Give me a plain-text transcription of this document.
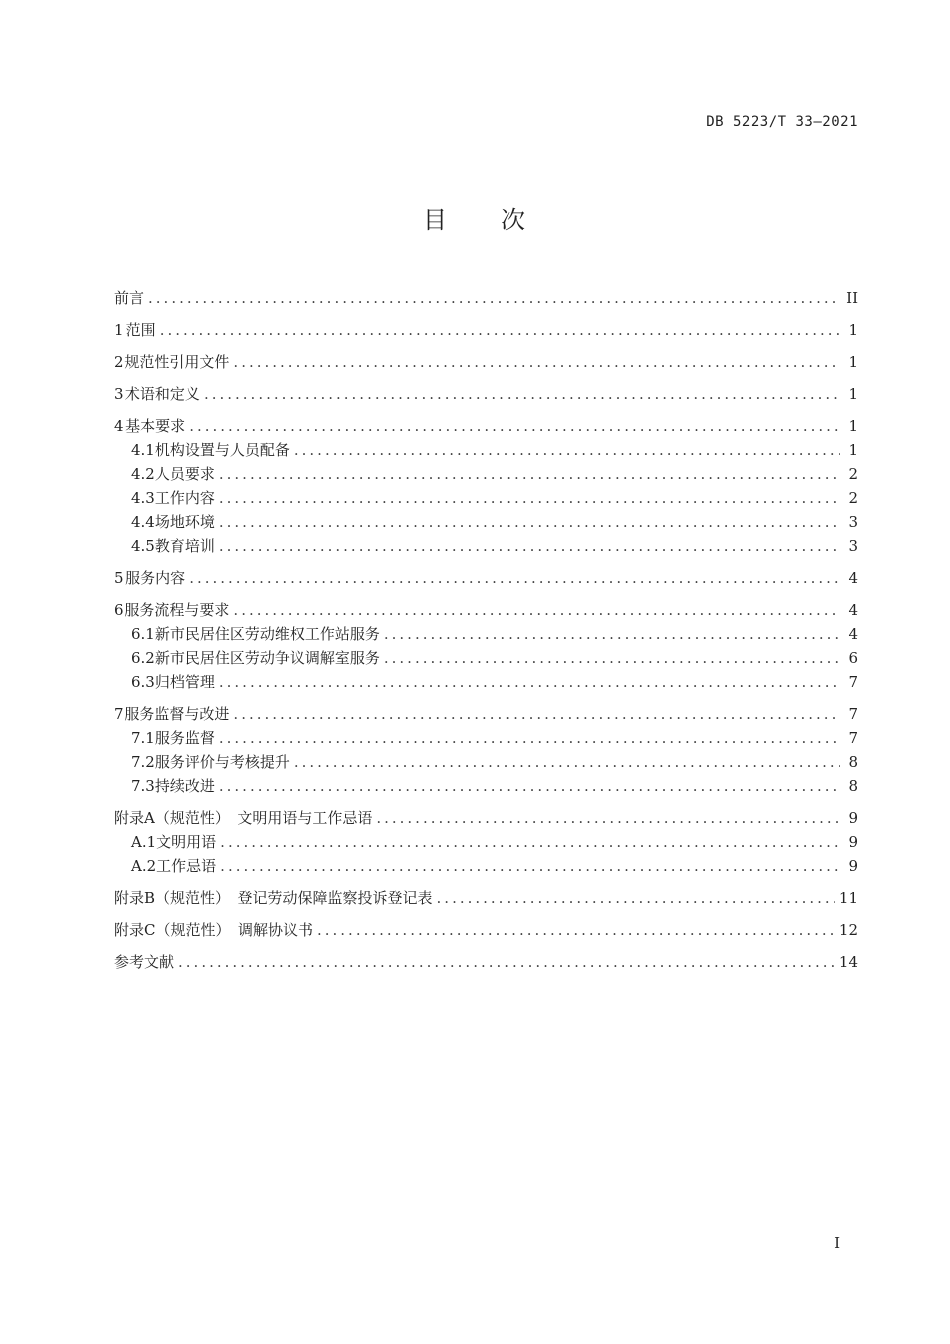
DB 5223/T 33—2021
目 次
前言 .....	II
1 范围 .....	1
2 规范性引用文件 .....	1
3 术语和定义 .....	1
4 基本要求 .....	1
4.1 机构设置与人员配备 .....	1
4.2 人员要求 .....	2
4.3 工作内容 .....	2
4.4 场地环境 .....	3
4.5 教育培训 .....	3
5 服务内容 .....	4
6 服务流程与要求 .....	4
6.1 新市民居住区劳动维权工作站服务 .....	4
6.2 新市民居住区劳动争议调解室服务 .....	6
6.3 归档管理 .....	7
7 服务监督与改进 .....	7
7.1 服务监督 .....	7
7.2 服务评价与考核提升 .....	8
7.3 持续改进 .....	8
附录A（规范性）　文明用语与工作忌语 .....	9
A.1 文明用语 .....	9
A.2 工作忌语 .....	9
附录B（规范性）　登记劳动保障监察投诉登记表 .....	11
附录C（规范性）　调解协议书 .....	12
参考文献 .....	14
I
